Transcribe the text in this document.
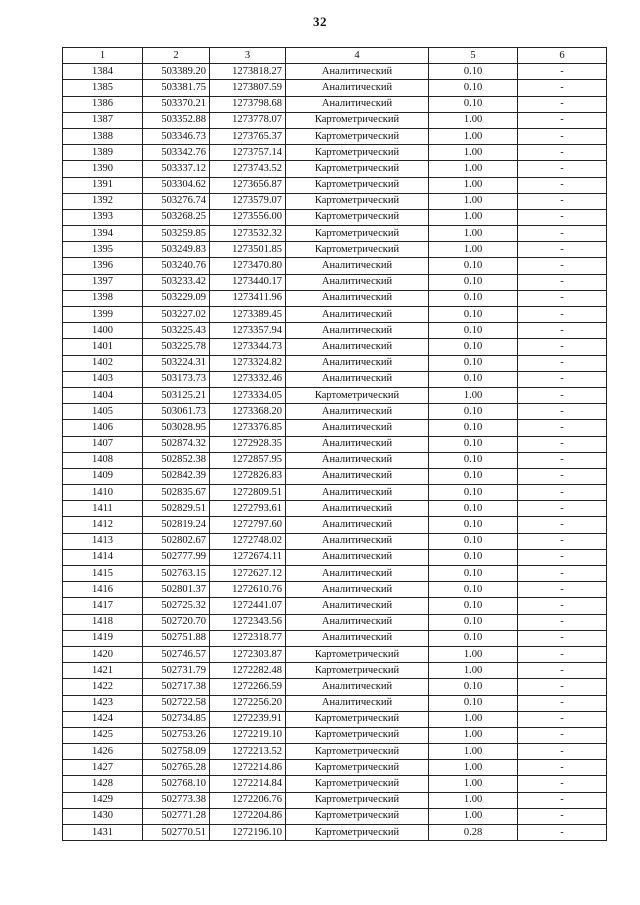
32
1	2	3	4	5	6
1384	503389.20	1273818.27	Аналитический	0.10	-
1385	503381.75	1273807.59	Аналитический	0.10	-
1386	503370.21	1273798.68	Аналитический	0.10	-
1387	503352.88	1273778.07	Картометрический	1.00	-
1388	503346.73	1273765.37	Картометрический	1.00	-
1389	503342.76	1273757.14	Картометрический	1.00	-
1390	503337.12	1273743.52	Картометрический	1.00	-
1391	503304.62	1273656.87	Картометрический	1.00	-
1392	503276.74	1273579.07	Картометрический	1.00	-
1393	503268.25	1273556.00	Картометрический	1.00	-
1394	503259.85	1273532.32	Картометрический	1.00	-
1395	503249.83	1273501.85	Картометрический	1.00	-
1396	503240.76	1273470.80	Аналитический	0.10	-
1397	503233.42	1273440.17	Аналитический	0.10	-
1398	503229.09	1273411.96	Аналитический	0.10	-
1399	503227.02	1273389.45	Аналитический	0.10	-
1400	503225.43	1273357.94	Аналитический	0.10	-
1401	503225.78	1273344.73	Аналитический	0.10	-
1402	503224.31	1273324.82	Аналитический	0.10	-
1403	503173.73	1273332.46	Аналитический	0.10	-
1404	503125.21	1273334.05	Картометрический	1.00	-
1405	503061.73	1273368.20	Аналитический	0.10	-
1406	503028.95	1273376.85	Аналитический	0.10	-
1407	502874.32	1272928.35	Аналитический	0.10	-
1408	502852.38	1272857.95	Аналитический	0.10	-
1409	502842.39	1272826.83	Аналитический	0.10	-
1410	502835.67	1272809.51	Аналитический	0.10	-
1411	502829.51	1272793.61	Аналитический	0.10	-
1412	502819.24	1272797.60	Аналитический	0.10	-
1413	502802.67	1272748.02	Аналитический	0.10	-
1414	502777.99	1272674.11	Аналитический	0.10	-
1415	502763.15	1272627.12	Аналитический	0.10	-
1416	502801.37	1272610.76	Аналитический	0.10	-
1417	502725.32	1272441.07	Аналитический	0.10	-
1418	502720.70	1272343.56	Аналитический	0.10	-
1419	502751.88	1272318.77	Аналитический	0.10	-
1420	502746.57	1272303.87	Картометрический	1.00	-
1421	502731.79	1272282.48	Картометрический	1.00	-
1422	502717.38	1272266.59	Аналитический	0.10	-
1423	502722.58	1272256.20	Аналитический	0.10	-
1424	502734.85	1272239.91	Картометрический	1.00	-
1425	502753.26	1272219.10	Картометрический	1.00	-
1426	502758.09	1272213.52	Картометрический	1.00	-
1427	502765.28	1272214.86	Картометрический	1.00	-
1428	502768.10	1272214.84	Картометрический	1.00	-
1429	502773.38	1272206.76	Картометрический	1.00	-
1430	502771.28	1272204.86	Картометрический	1.00	-
1431	502770.51	1272196.10	Картометрический	0.28	-
